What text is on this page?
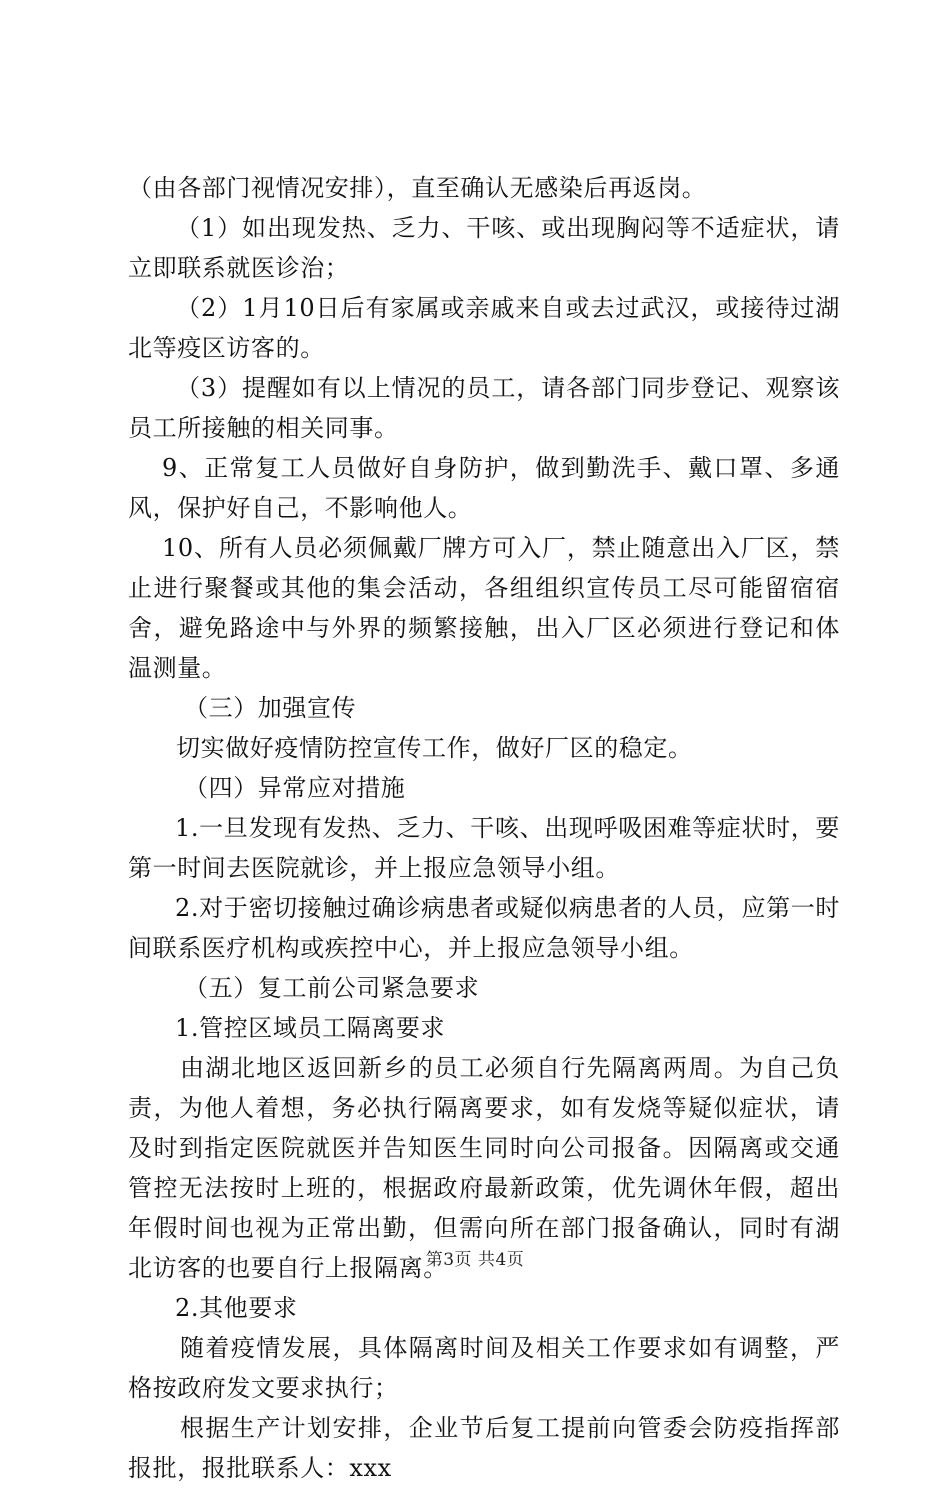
（由各部门视情况安排），直至确认无感染后再返岗。

（1）如出现发热、乏力、干咳、或出现胸闷等不适症状，请立即联系就医诊治；

（2）1月10日后有家属或亲戚来自或去过武汉，或接待过湖北等疫区访客的。

（3）提醒如有以上情况的员工，请各部门同步登记、观察该员工所接触的相关同事。

9、正常复工人员做好自身防护，做到勤洗手、戴口罩、多通风，保护好自己，不影响他人。

10、所有人员必须佩戴厂牌方可入厂，禁止随意出入厂区，禁止进行聚餐或其他的集会活动，各组组织宣传员工尽可能留宿宿舍，避免路途中与外界的频繁接触，出入厂区必须进行登记和体温测量。

（三）加强宣传

切实做好疫情防控宣传工作，做好厂区的稳定。

（四）异常应对措施

1.一旦发现有发热、乏力、干咳、出现呼吸困难等症状时，要第一时间去医院就诊，并上报应急领导小组。

2.对于密切接触过确诊病患者或疑似病患者的人员，应第一时间联系医疗机构或疾控中心，并上报应急领导小组。

（五）复工前公司紧急要求

1.管控区域员工隔离要求

由湖北地区返回新乡的员工必须自行先隔离两周。为自己负责，为他人着想，务必执行隔离要求，如有发烧等疑似症状，请及时到指定医院就医并告知医生同时向公司报备。因隔离或交通管控无法按时上班的，根据政府最新政策，优先调休年假，超出年假时间也视为正常出勤，但需向所在部门报备确认，同时有湖北访客的也要自行上报隔离。

2.其他要求

随着疫情发展，具体隔离时间及相关工作要求如有调整，严格按政府发文要求执行；

根据生产计划安排，企业节后复工提前向管委会防疫指挥部报批，报批联系人：xxx

第3页 共4页
